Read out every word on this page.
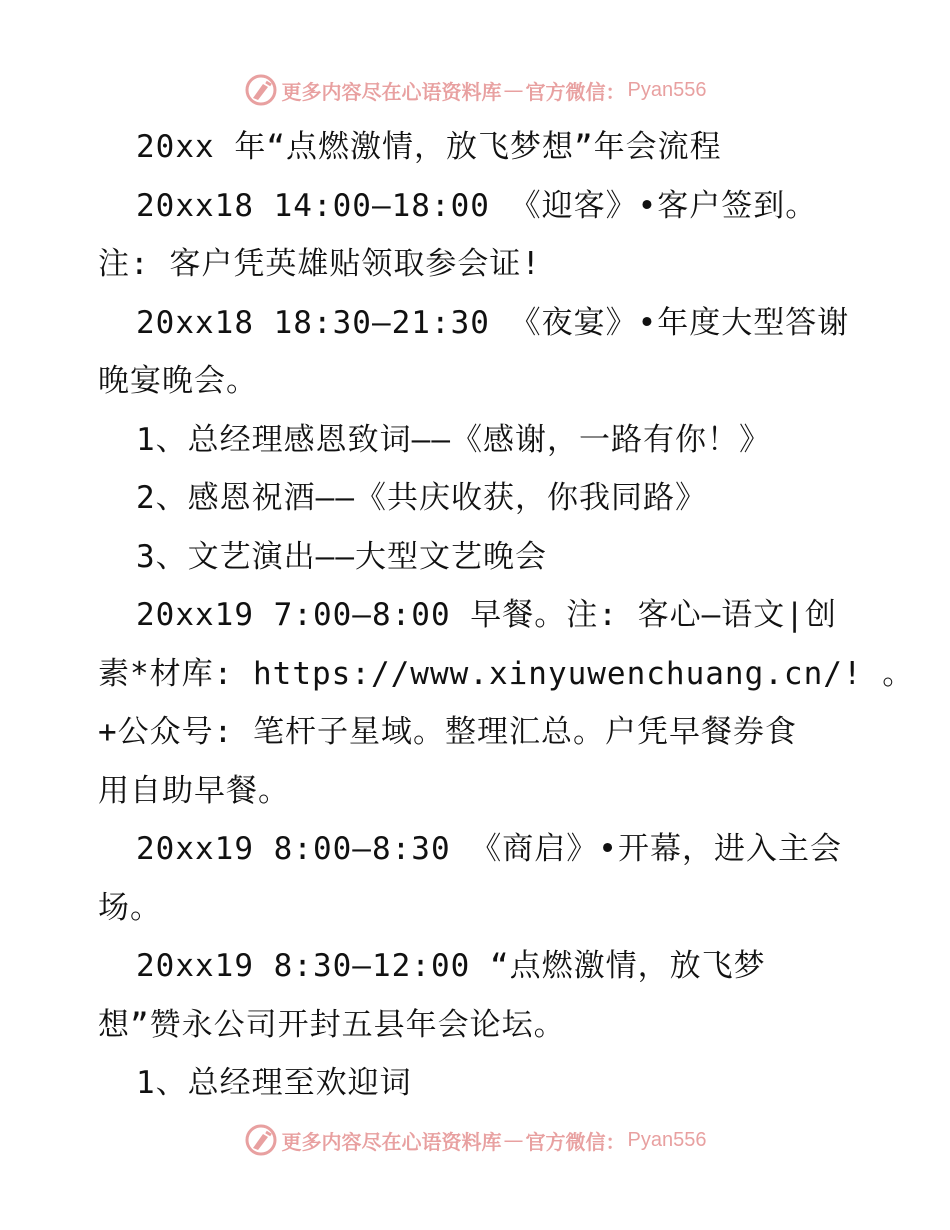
更多内容尽在心语资料库 — 官方微信： Pyan556
20xx 年“点燃激情，放飞梦想”年会流程
20xx18 14:00—18:00 《迎客》•客户签到。
注: 客户凭英雄贴领取参会证!
20xx18 18:30—21:30 《夜宴》•年度大型答谢
晚宴晚会。
1、总经理感恩致词——《感谢，一路有你！》
2、感恩祝酒——《共庆收获，你我同路》
3、文艺演出——大型文艺晚会
20xx19 7:00—8:00 早餐。注: 客心—语文|创
素*材库: https://www.xinyuwenchuang.cn/! 。
+公众号: 笔杆子星域。整理汇总。户凭早餐券食
用自助早餐。
20xx19 8:00—8:30 《商启》•开幕，进入主会
场。
20xx19 8:30—12:00 “点燃激情，放飞梦
想”赞永公司开封五县年会论坛。
1、总经理至欢迎词
更多内容尽在心语资料库 — 官方微信： Pyan556
